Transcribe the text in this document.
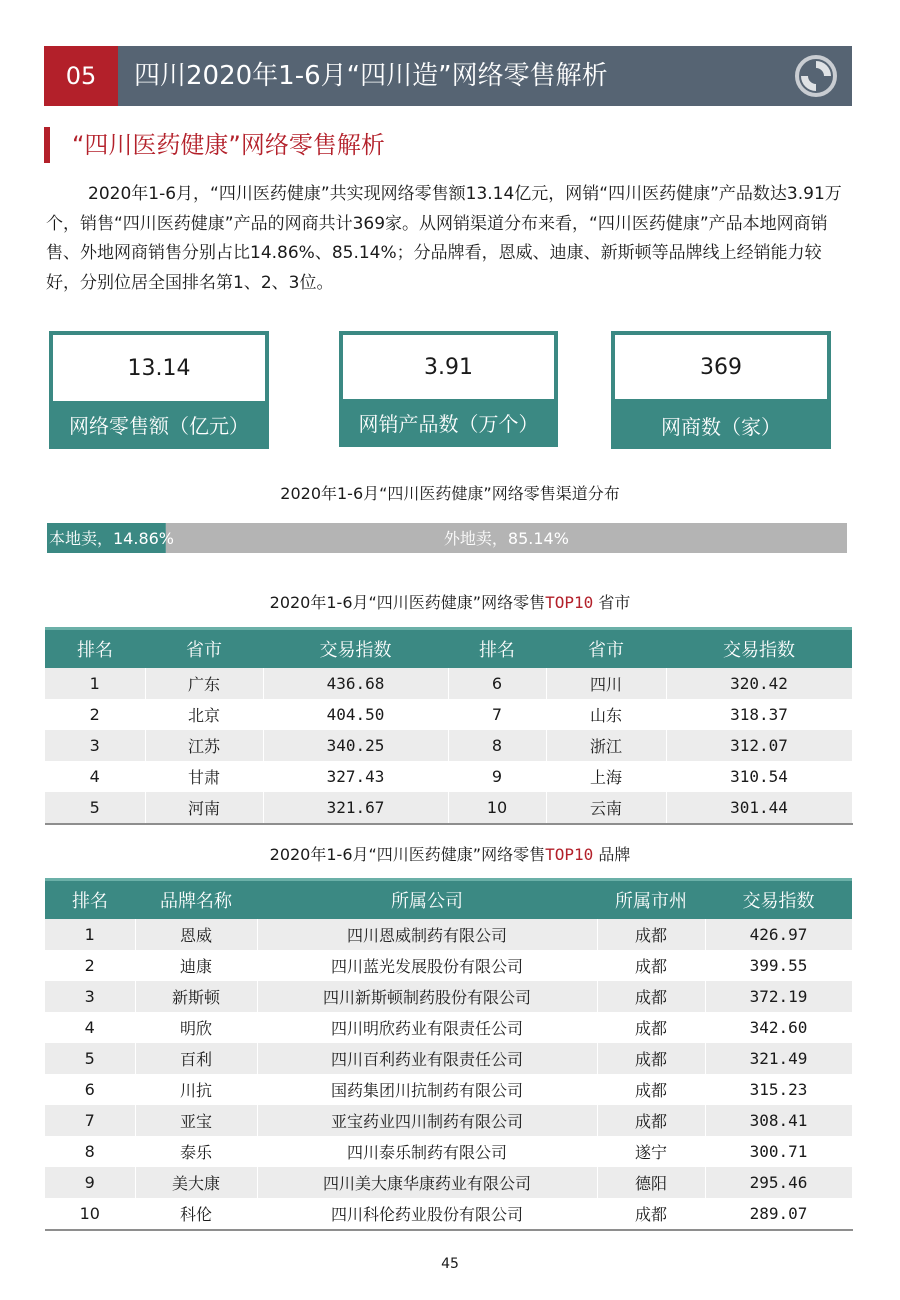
05	四川2020年1-6月“四川造”网络零售解析
“四川医药健康”网络零售解析
2020年1-6月，“四川医药健康”共实现网络零售额13.14亿元，网销“四川医药健康”产品数达3.91万个，销售“四川医药健康”产品的网商共计369家。从网销渠道分布来看，“四川医药健康”产品本地网商销售、外地网商销售分别占比14.86%、85.14%；分品牌看，恩威、迪康、新斯顿等品牌线上经销能力较好，分别位居全国排名第1、2、3位。
13.14
网络零售额（亿元）
3.91
网销产品数（万个）
369
网商数（家）
2020年1-6月“四川医药健康”网络零售渠道分布
本地卖，14.86%	外地卖，85.14%
2020年1-6月“四川医药健康”网络零售TOP10 省市
排名	省市	交易指数	排名	省市	交易指数
1	广东	436.68	6	四川	320.42
2	北京	404.50	7	山东	318.37
3	江苏	340.25	8	浙江	312.07
4	甘肃	327.43	9	上海	310.54
5	河南	321.67	10	云南	301.44
2020年1-6月“四川医药健康”网络零售TOP10 品牌
排名	品牌名称	所属公司	所属市州	交易指数
1	恩威	四川恩威制药有限公司	成都	426.97
2	迪康	四川蓝光发展股份有限公司	成都	399.55
3	新斯顿	四川新斯顿制药股份有限公司	成都	372.19
4	明欣	四川明欣药业有限责任公司	成都	342.60
5	百利	四川百利药业有限责任公司	成都	321.49
6	川抗	国药集团川抗制药有限公司	成都	315.23
7	亚宝	亚宝药业四川制药有限公司	成都	308.41
8	泰乐	四川泰乐制药有限公司	遂宁	300.71
9	美大康	四川美大康华康药业有限公司	德阳	295.46
10	科伦	四川科伦药业股份有限公司	成都	289.07
45
